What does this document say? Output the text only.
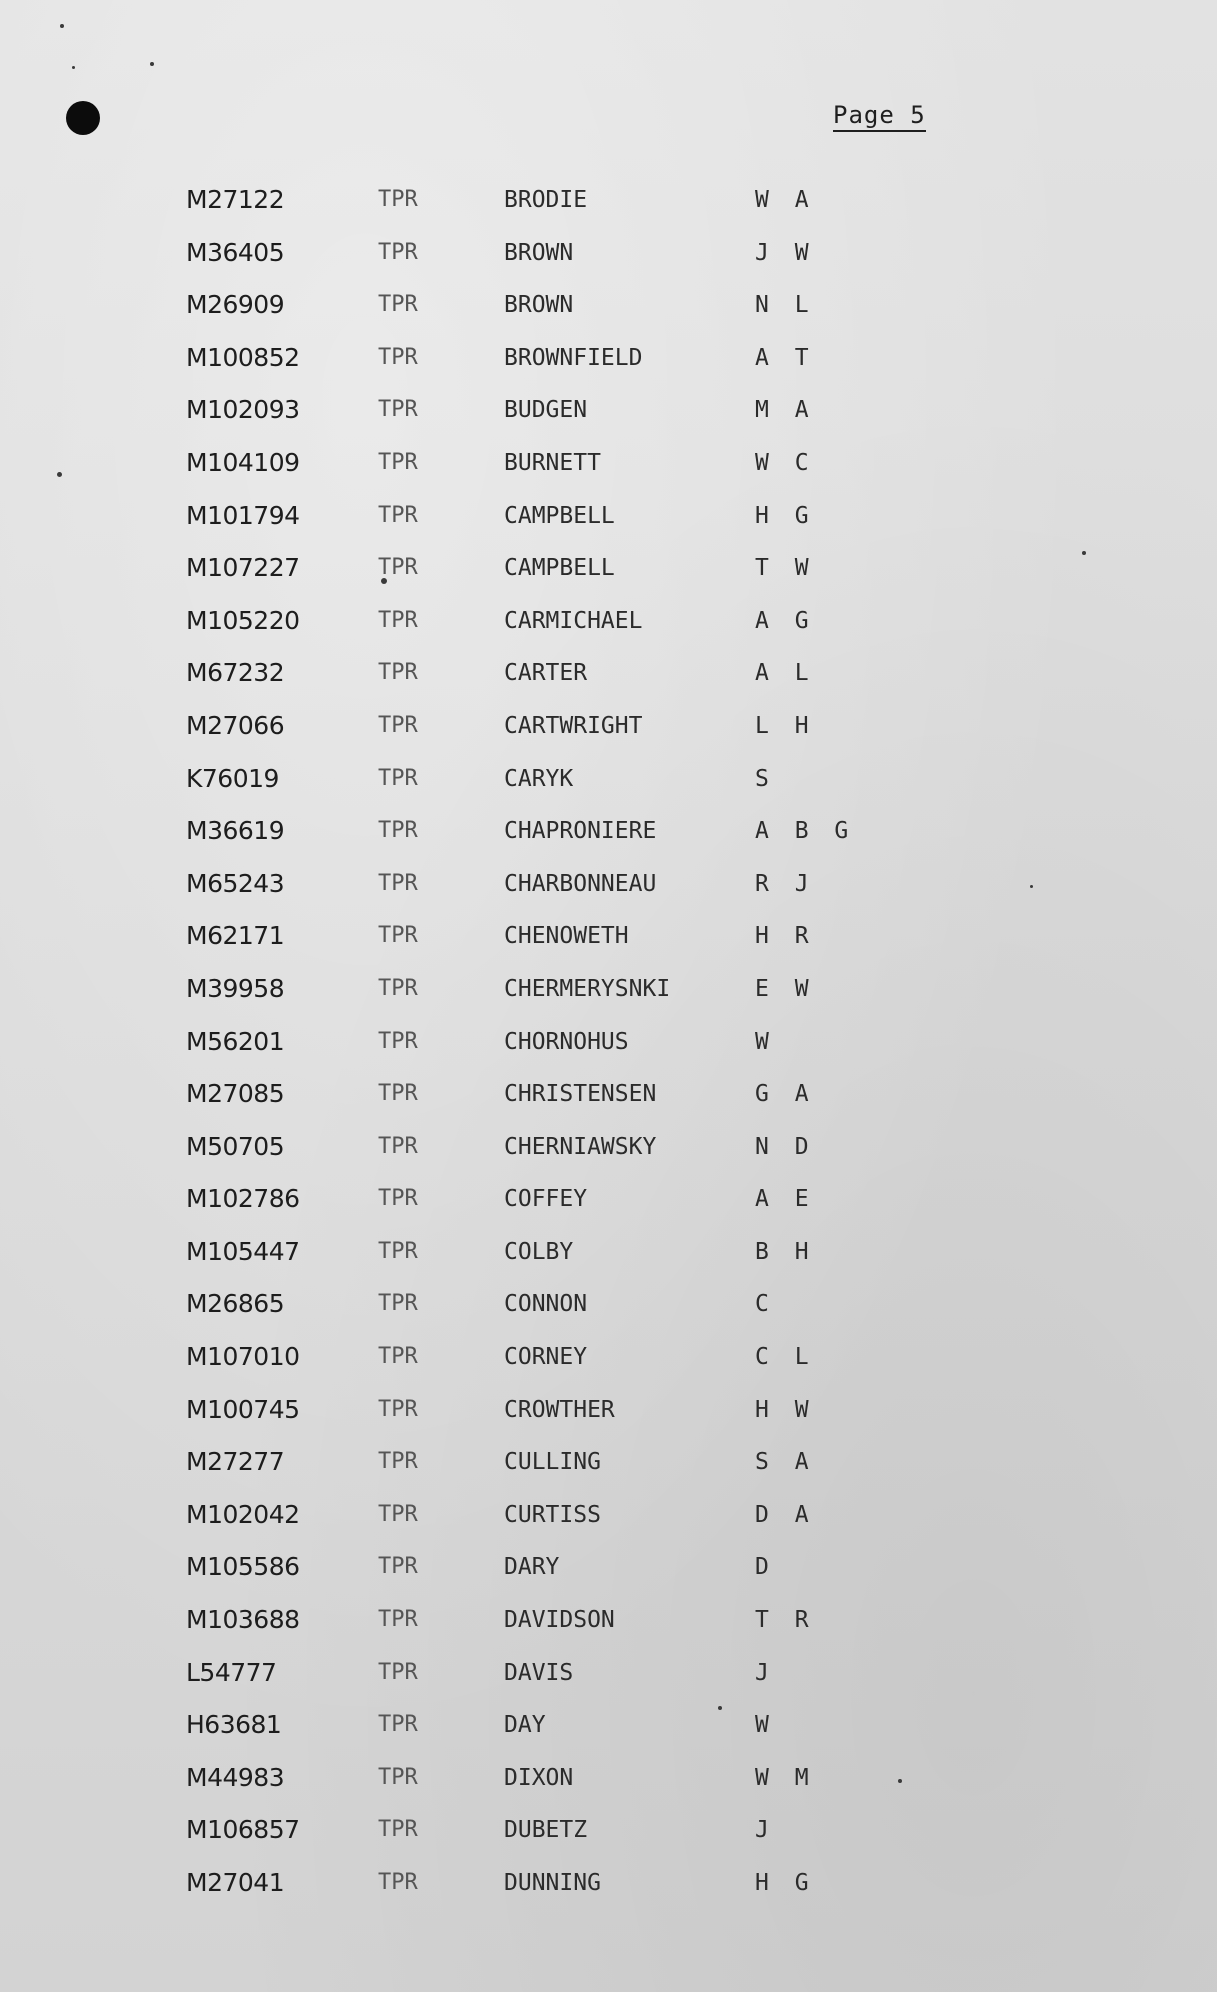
Page 5
M27122	TPR	BRODIE	W A
M36405	TPR	BROWN	J W
M26909	TPR	BROWN	N L
M100852	TPR	BROWNFIELD	A T
M102093	TPR	BUDGEN	M A
M104109	TPR	BURNETT	W C
M101794	TPR	CAMPBELL	H G
M107227	TPR	CAMPBELL	T W
M105220	TPR	CARMICHAEL	A G
M67232	TPR	CARTER	A L
M27066	TPR	CARTWRIGHT	L H
K76019	TPR	CARYK	S
M36619	TPR	CHAPRONIERE	A B G
M65243	TPR	CHARBONNEAU	R J
M62171	TPR	CHENOWETH	H R
M39958	TPR	CHERMERYSNKI	E W
M56201	TPR	CHORNOHUS	W
M27085	TPR	CHRISTENSEN	G A
M50705	TPR	CHERNIAWSKY	N D
M102786	TPR	COFFEY	A E
M105447	TPR	COLBY	B H
M26865	TPR	CONNON	C
M107010	TPR	CORNEY	C L
M100745	TPR	CROWTHER	H W
M27277	TPR	CULLING	S A
M102042	TPR	CURTISS	D A
M105586	TPR	DARY	D
M103688	TPR	DAVIDSON	T R
L54777	TPR	DAVIS	J
H63681	TPR	DAY	W
M44983	TPR	DIXON	W M
M106857	TPR	DUBETZ	J
M27041	TPR	DUNNING	H G
